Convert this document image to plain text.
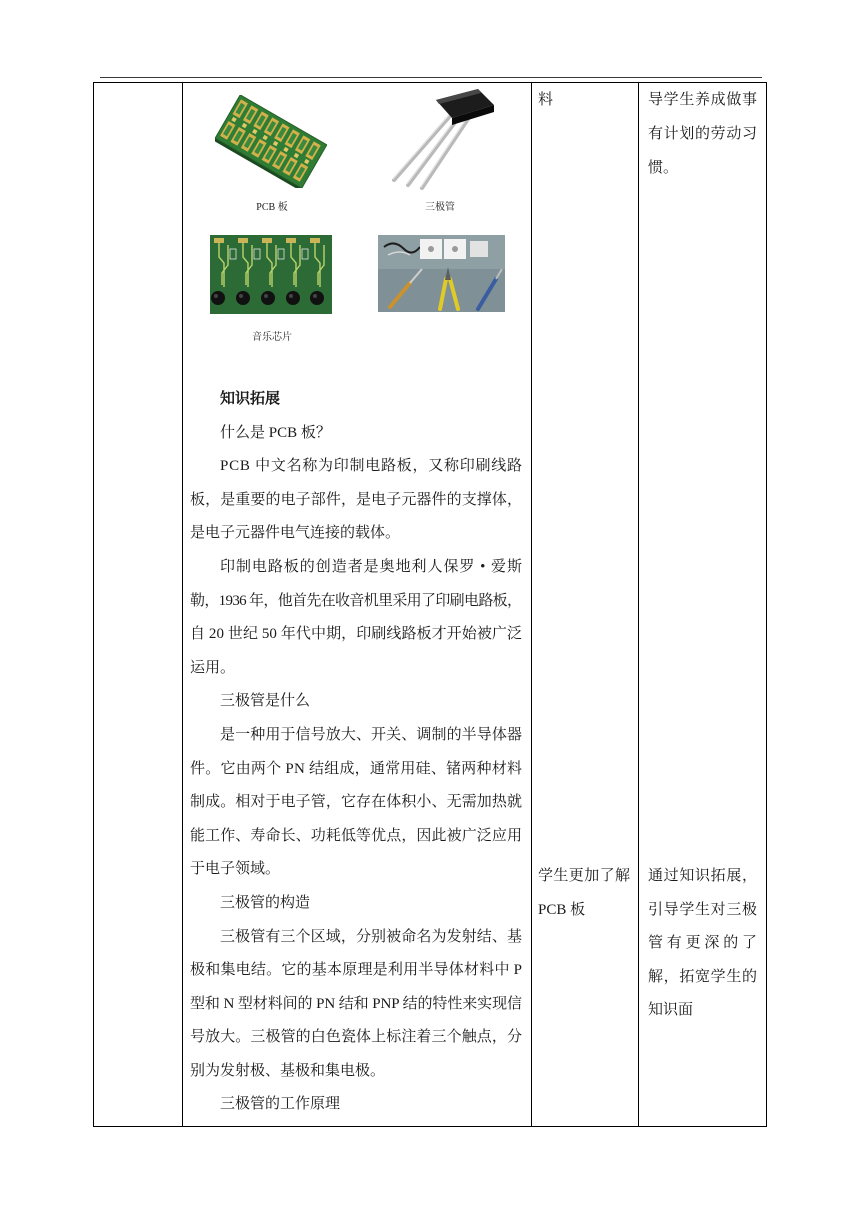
PCB 板	三极管
音乐芯片
知识拓展
什么是 PCB 板？
PCB 中文名称为印制电路板，又称印刷线路
板，是重要的电子部件，是电子元器件的支撑体，
是电子元器件电气连接的载体。
印制电路板的创造者是奥地利人保罗 • 爱斯
勒，1936 年，他首先在收音机里采用了印刷电路板，
自 20 世纪 50 年代中期，印刷线路板才开始被广泛
运用。
三极管是什么
是一种用于信号放大、开关、调制的半导体器
件。它由两个 PN 结组成，通常用硅、锗两种材料
制成。相对于电子管，它存在体积小、无需加热就
能工作、寿命长、功耗低等优点，因此被广泛应用
于电子领域。
三极管的构造
三极管有三个区域，分别被命名为发射结、基
极和集电结。它的基本原理是利用半导体材料中 P
型和 N 型材料间的 PN 结和 PNP 结的特性来实现信
号放大。三极管的白色瓷体上标注着三个触点，分
别为发射极、基极和集电极。
三极管的工作原理
料
学生更加了解
PCB 板
导学生养成做事
有计划的劳动习
惯。
通过知识拓展，
引导学生对三极
管有更深的了
解，拓宽学生的
知识面
